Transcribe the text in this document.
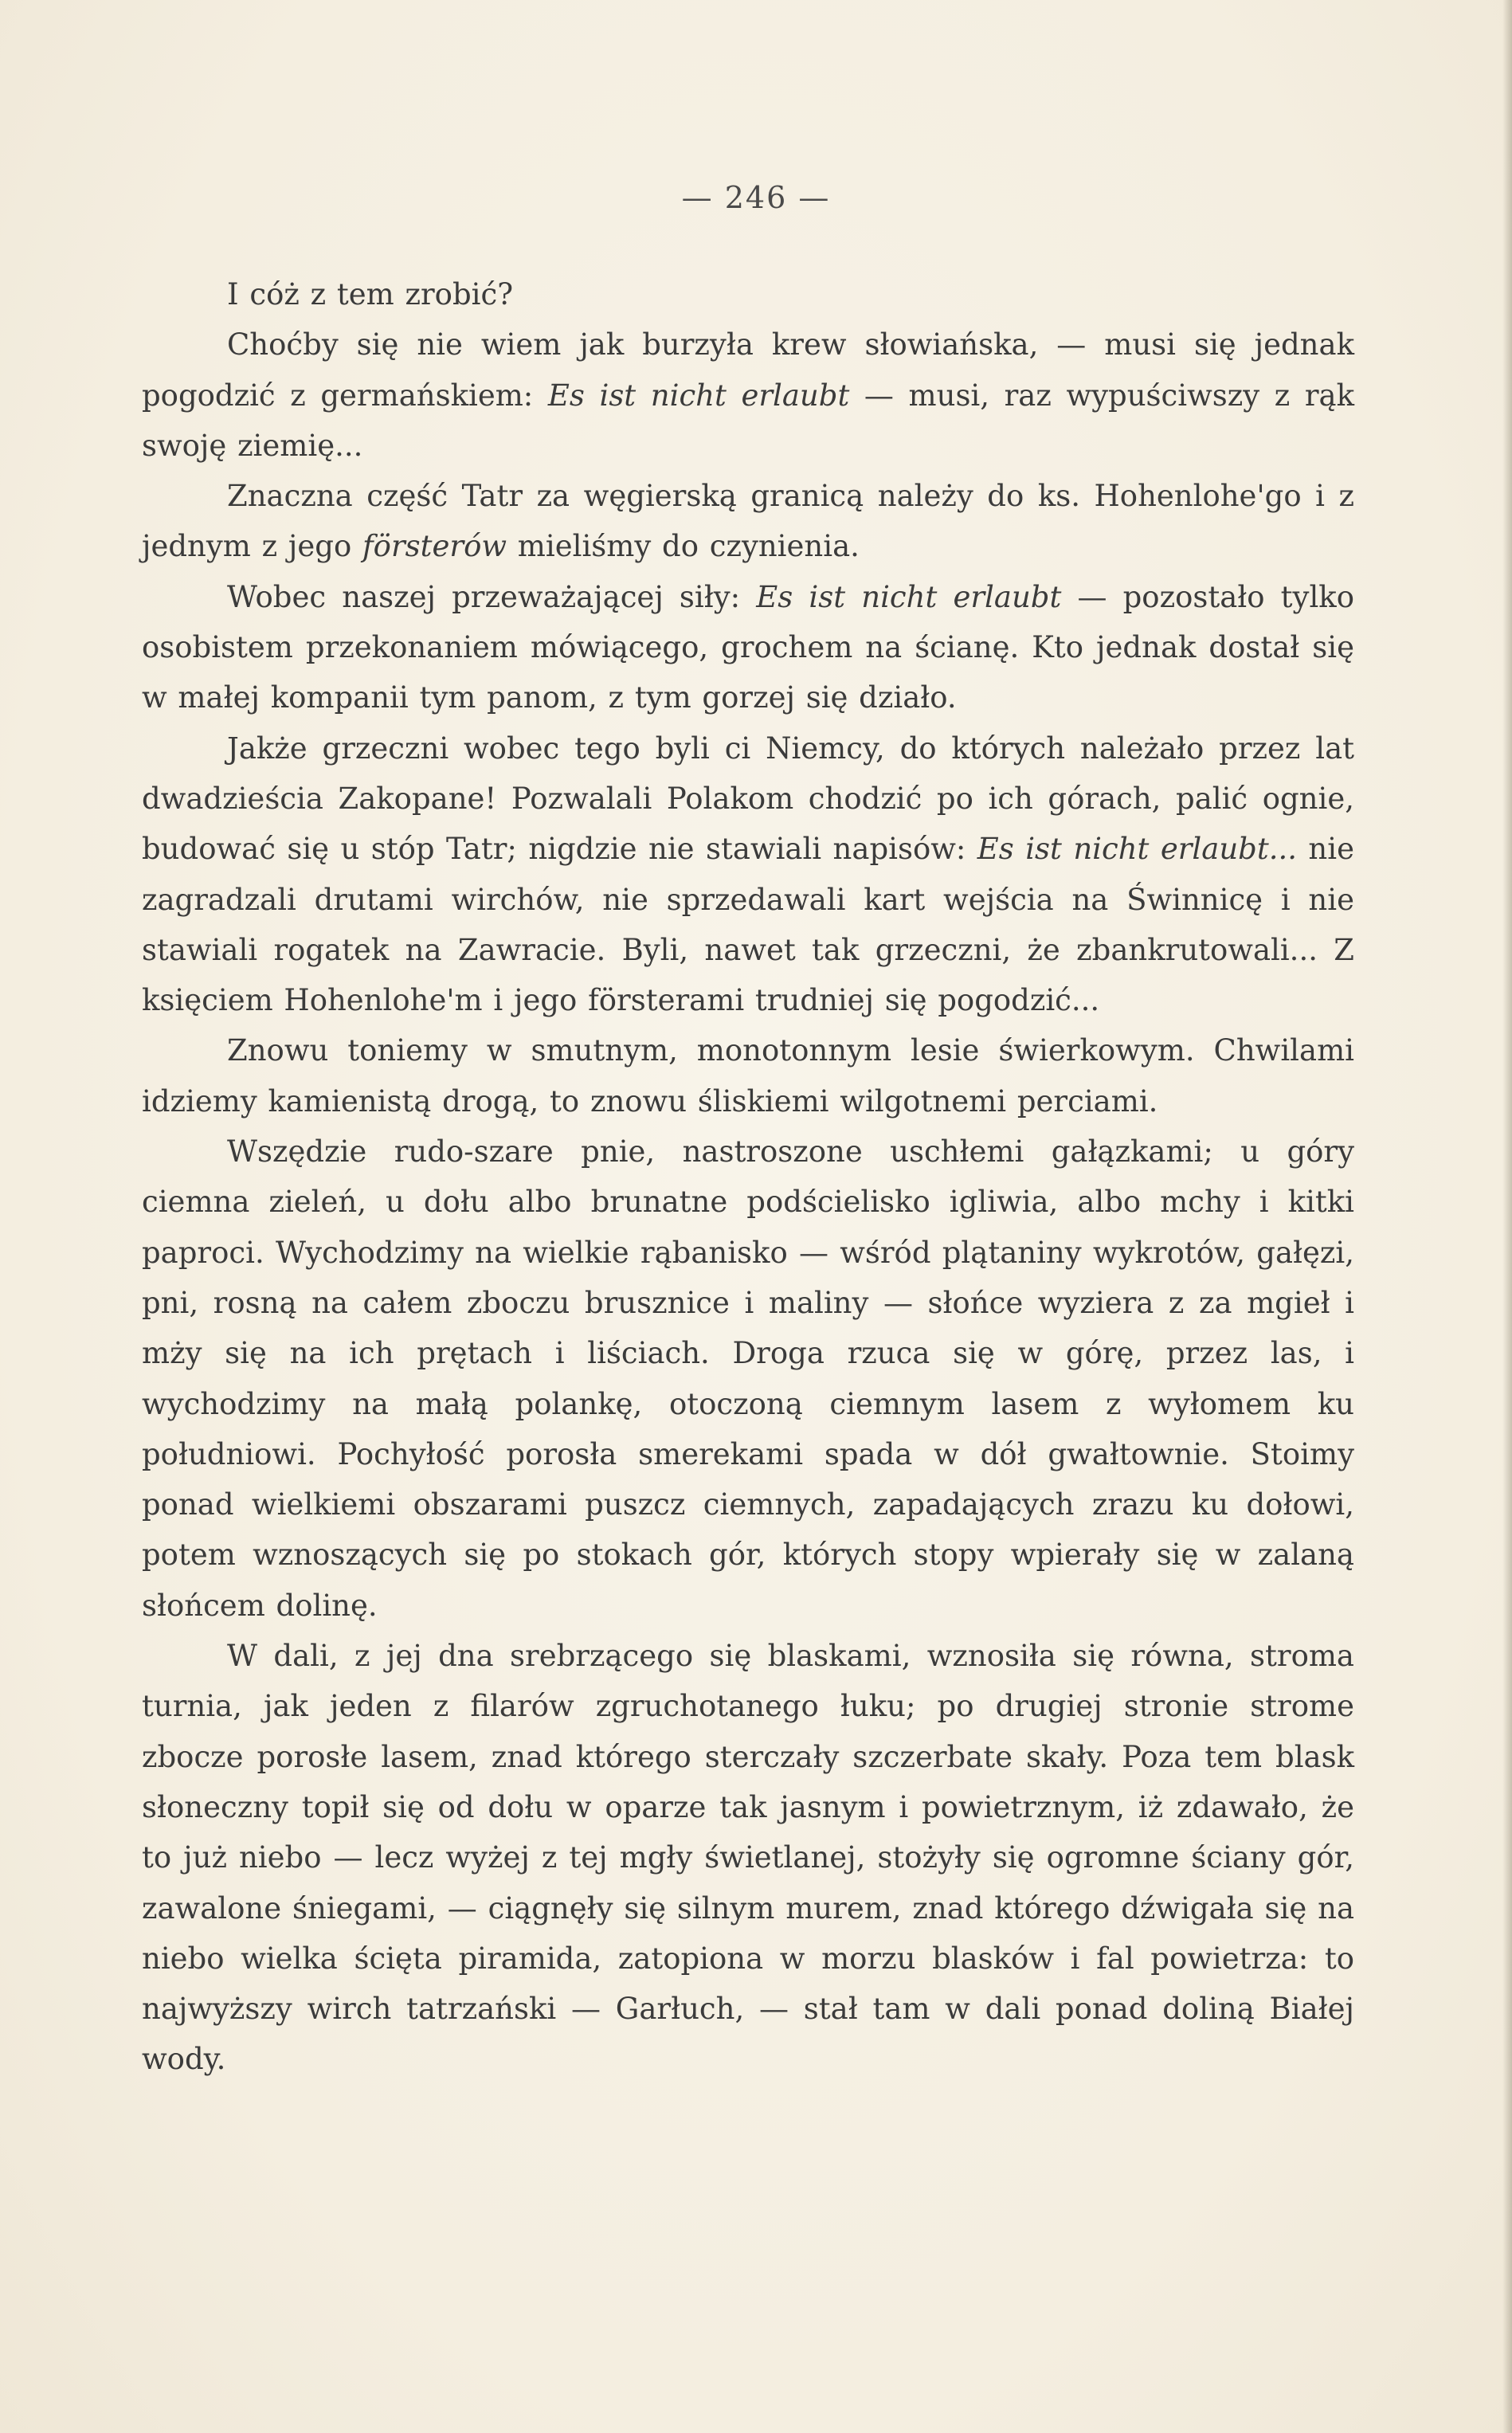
— 246 —

I cóż z tem zrobić?

Choćby się nie wiem jak burzyła krew słowiańska, — musi się jednak pogodzić z germańskiem: Es ist nicht erlaubt — musi, raz wypuściwszy z rąk swoję ziemię...

Znaczna część Tatr za węgierską granicą należy do ks. Hohenlohe'go i z jednym z jego försterów mieliśmy do czynienia.

Wobec naszej przeważającej siły: Es ist nicht erlaubt — pozostało tylko osobistem przekonaniem mówiącego, grochem na ścianę. Kto jednak dostał się w małej kompanii tym panom, z tym gorzej się działo.

Jakże grzeczni wobec tego byli ci Niemcy, do których należało przez lat dwadzieścia Zakopane! Pozwalali Polakom chodzić po ich górach, palić ognie, budować się u stóp Tatr; nigdzie nie stawiali napisów: Es ist nicht erlaubt... nie zagradzali drutami wirchów, nie sprzedawali kart wejścia na Świnnicę i nie stawiali rogatek na Zawracie. Byli, nawet tak grzeczni, że zbankrutowali... Z księciem Hohenlohe'm i jego försterami trudniej się pogodzić...

Znowu toniemy w smutnym, monotonnym lesie świerkowym. Chwilami idziemy kamienistą drogą, to znowu śliskiemi wilgotnemi perciami.

Wszędzie rudo-szare pnie, nastroszone uschłemi gałązkami; u góry ciemna zieleń, u dołu albo brunatne podścielisko igliwia, albo mchy i kitki paproci. Wychodzimy na wielkie rąbanisko — wśród plątaniny wykrotów, gałęzi, pni, rosną na całem zboczu brusznice i maliny — słońce wyziera z za mgieł i mży się na ich prętach i liściach. Droga rzuca się w górę, przez las, i wychodzimy na małą polankę, otoczoną ciemnym lasem z wyłomem ku południowi. Pochyłość porosła smerekami spada w dół gwałtownie. Stoimy ponad wielkiemi obszarami puszcz ciemnych, zapadających zrazu ku dołowi, potem wznoszących się po stokach gór, których stopy wpierały się w zalaną słońcem dolinę.

W dali, z jej dna srebrzącego się blaskami, wznosiła się równa, stroma turnia, jak jeden z filarów zgruchotanego łuku; po drugiej stronie strome zbocze porosłe lasem, znad którego sterczały szczerbate skały. Poza tem blask słoneczny topił się od dołu w oparze tak jasnym i powietrznym, iż zdawało, że to już niebo — lecz wyżej z tej mgły świetlanej, stożyły się ogromne ściany gór, zawalone śniegami, — ciągnęły się silnym murem, znad którego dźwigała się na niebo wielka ścięta piramida, zatopiona w morzu blasków i fal powietrza: to najwyższy wirch tatrzański — Garłuch, — stał tam w dali ponad doliną Białej wody.
